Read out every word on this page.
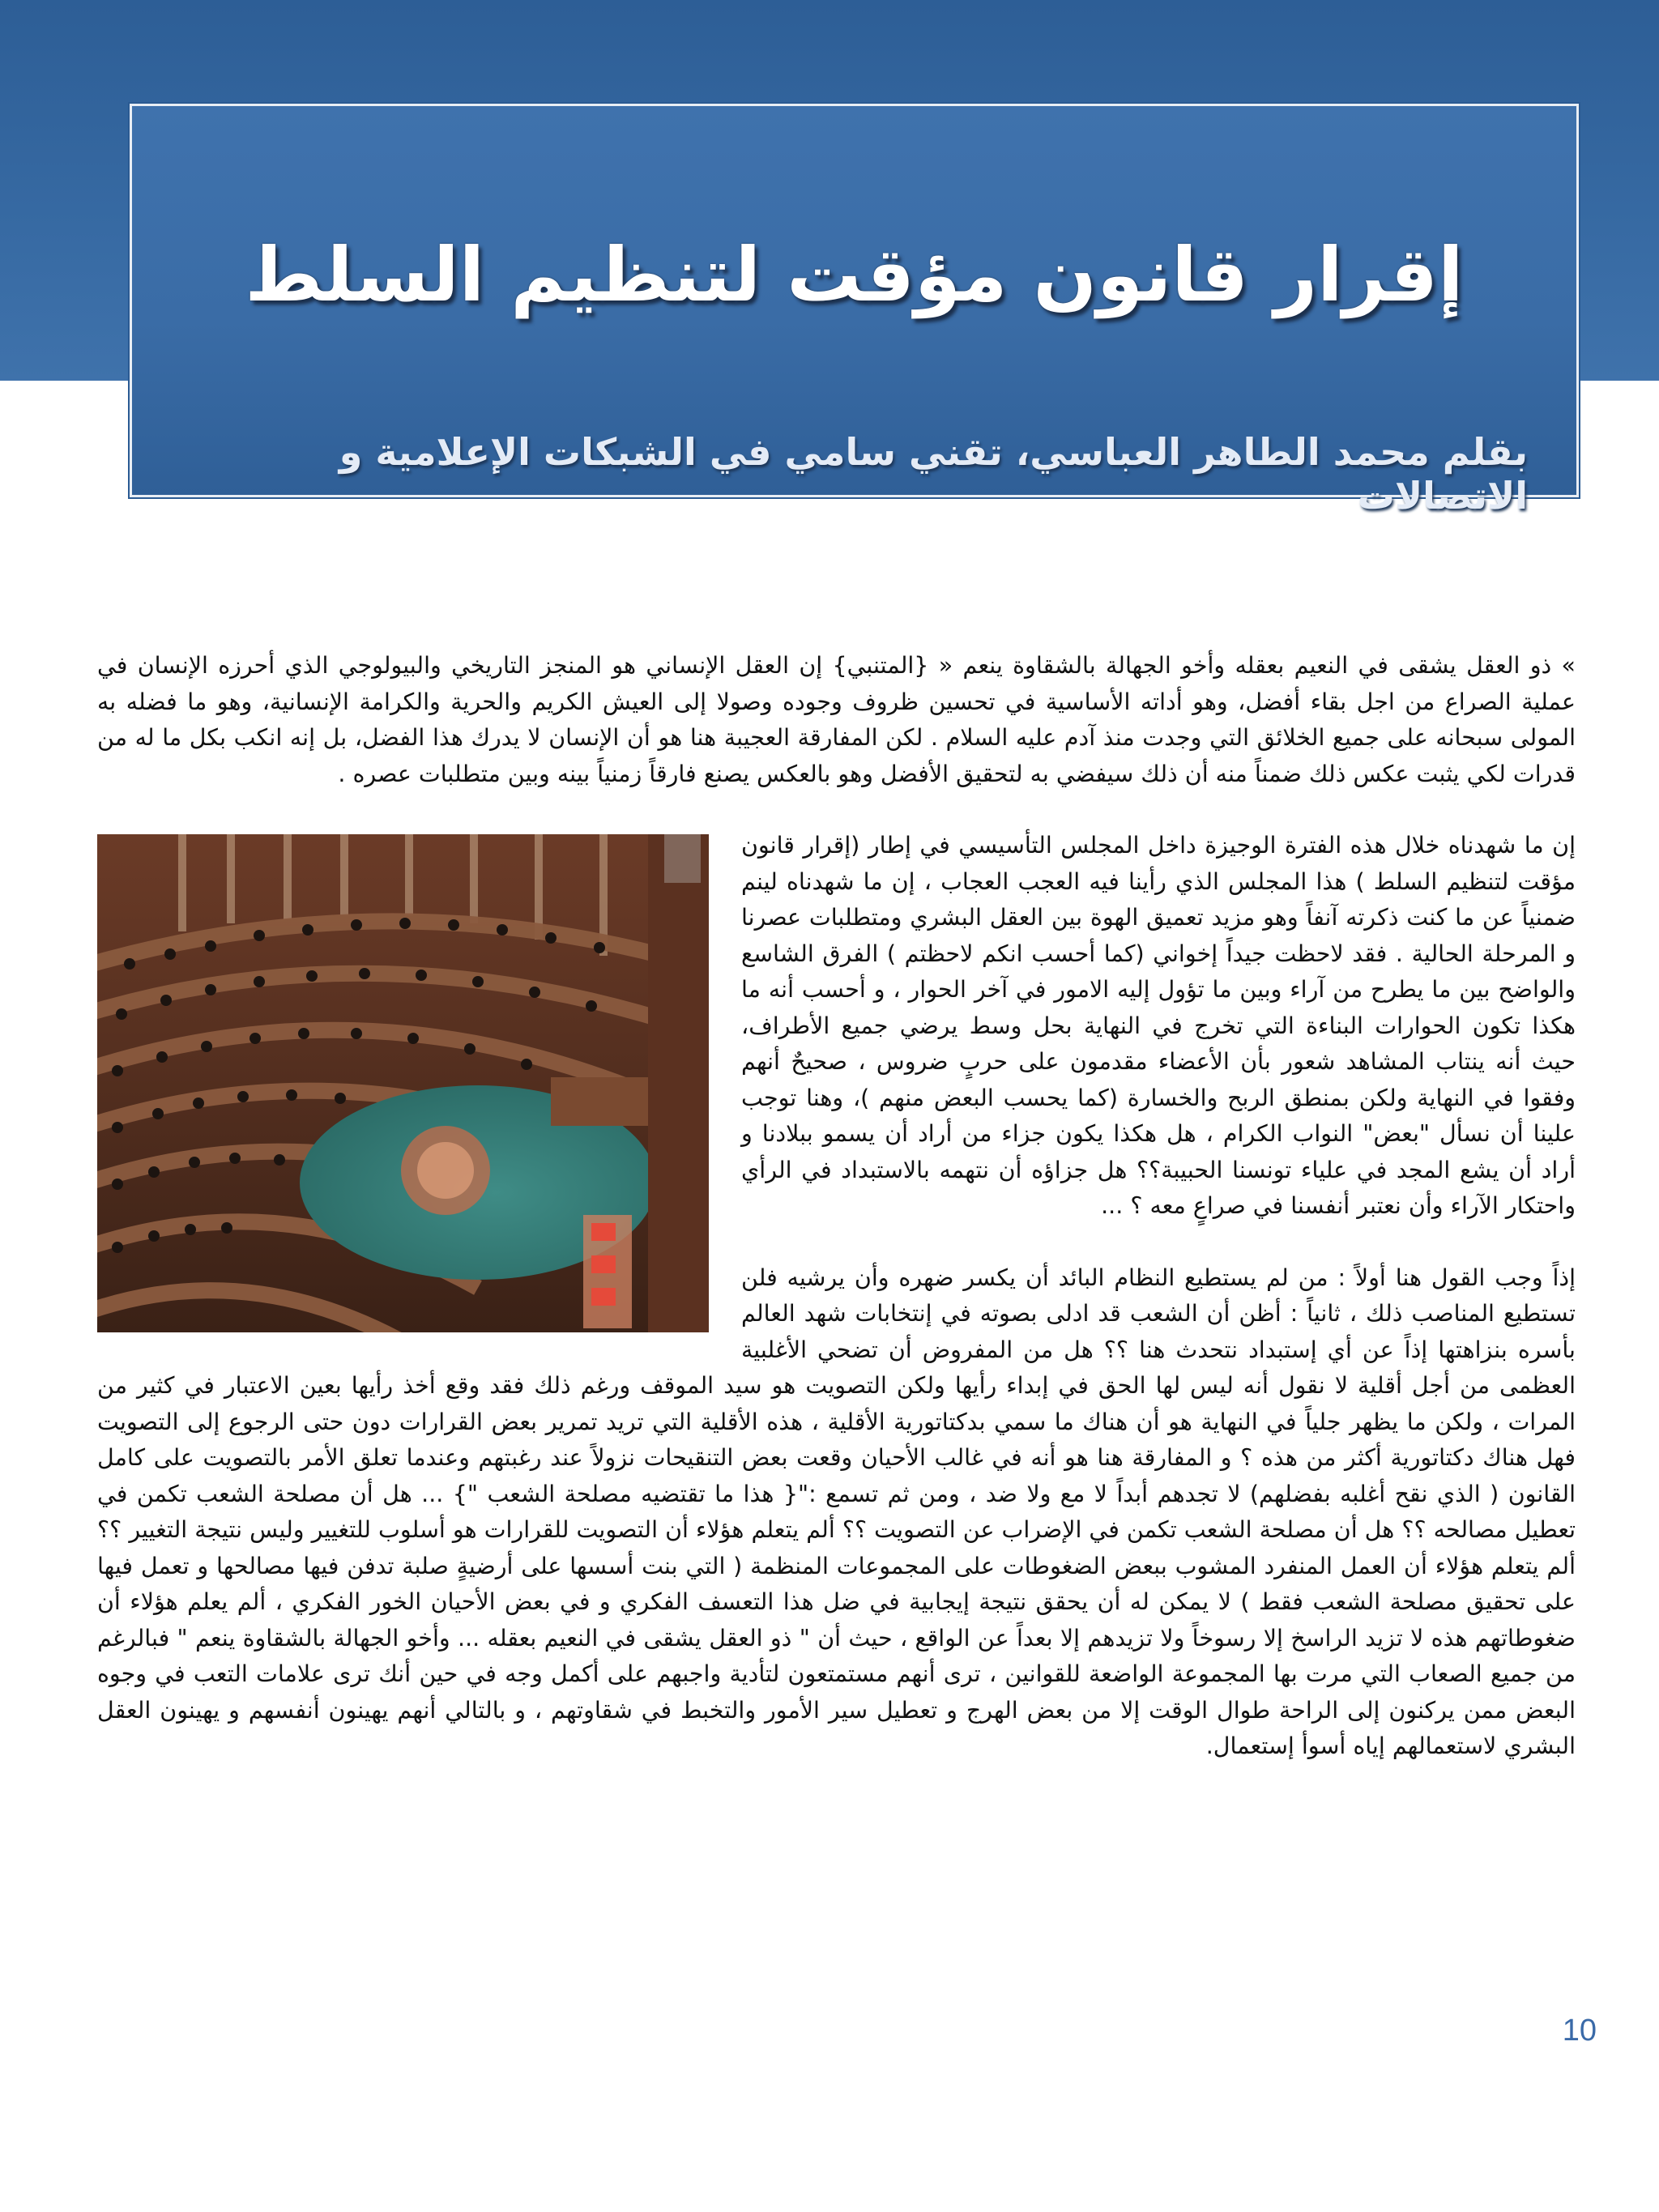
إقرار قانون مؤقت لتنظيم السلط
بقلم محمد الطاهر العباسي، تقني سامي في الشبكات الإعلامية و الاتصالات

» ذو العقل يشقى في النعيم بعقله وأخو الجهالة بالشقاوة ينعم « {المتنبي} إن العقل الإنساني هو المنجز التاريخي والبيولوجي الذي أحرزه الإنسان في عملية الصراع من اجل بقاء أفضل، وهو أداته الأساسية في تحسين ظروف وجوده وصولا إلى العيش الكريم والحرية والكرامة الإنسانية، وهو ما فضله به المولى سبحانه على جميع الخلائق التي وجدت منذ آدم عليه السلام . لكن المفارقة العجيبة هنا هو أن الإنسان لا يدرك هذا الفضل، بل إنه انكب بكل ما له من قدرات لكي يثبت عكس ذلك ضمناً منه أن ذلك سيفضي به لتحقيق الأفضل وهو بالعكس يصنع فارقاً زمنياً بينه وبين متطلبات عصره .

إن ما شهدناه خلال هذه الفترة الوجيزة داخل المجلس التأسيسي في إطار (إقرار قانون مؤقت لتنظيم السلط ) هذا المجلس الذي رأينا فيه العجب العجاب ، إن ما شهدناه لينم ضمنياً عن ما كنت ذكرته آنفاً وهو مزيد تعميق الهوة بين العقل البشري ومتطلبات عصرنا و المرحلة الحالية . فقد لاحظت جيداً إخواني (كما أحسب انكم لاحظتم ) الفرق الشاسع والواضح بين ما يطرح من آراء وبين ما تؤول إليه الامور في آخر الحوار ، و أحسب أنه ما هكذا تكون الحوارات البناءة التي تخرج في النهاية بحل وسط يرضي جميع الأطراف، حيث أنه ينتاب المشاهد شعور بأن الأعضاء مقدمون على حربٍ ضروس ، صحيحٌ أنهم وفقوا في النهاية ولكن بمنطق الربح والخسارة (كما يحسب البعض منهم )، وهنا توجب علينا أن نسأل "بعض" النواب الكرام ، هل هكذا يكون جزاء من أراد أن يسمو ببلادنا و أراد أن يشع المجد في علياء تونسنا الحبيبة؟؟ هل جزاؤه أن نتهمه بالاستبداد في الرأي واحتكار الآراء وأن نعتبر أنفسنا في صراعٍ معه ؟ ...

إذاً وجب القول هنا أولاً : من لم يستطيع النظام البائد أن يكسر ضهره وأن يرشيه فلن تستطيع المناصب ذلك ، ثانياً : أظن أن الشعب قد ادلى بصوته في إنتخابات شهد العالم بأسره بنزاهتها إذاً عن أي إستبداد نتحدث هنا ؟؟ هل من المفروض أن تضحي الأغلبية العظمى من أجل أقلية لا نقول أنه ليس لها الحق في إبداء رأيها ولكن التصويت هو سيد الموقف ورغم ذلك فقد وقع أخذ رأيها بعين الاعتبار في كثير من المرات ، ولكن ما يظهر جلياً في النهاية هو أن هناك ما سمي بدكتاتورية الأقلية ، هذه الأقلية التي تريد تمرير بعض القرارات دون حتى الرجوع إلى التصويت فهل هناك دكتاتورية أكثر من هذه ؟ و المفارقة هنا هو أنه في غالب الأحيان وقعت بعض التنقيحات نزولاً عند رغبتهم وعندما تعلق الأمر بالتصويت على كامل القانون ( الذي نقح أغلبه بفضلهم) لا تجدهم أبداً لا مع ولا ضد ، ومن ثم تسمع :"{ هذا ما تقتضيه مصلحة الشعب "} ... هل أن مصلحة الشعب تكمن في تعطيل مصالحه ؟؟ هل أن مصلحة الشعب تكمن في الإضراب عن التصويت ؟؟ ألم يتعلم هؤلاء أن التصويت للقرارات هو أسلوب للتغيير وليس نتيجة التغيير ؟؟ ألم يتعلم هؤلاء أن العمل المنفرد المشوب ببعض الضغوطات على المجموعات المنظمة ( التي بنت أسسها على أرضيةٍ صلبة تدفن فيها مصالحها و تعمل فيها على تحقيق مصلحة الشعب فقط ) لا يمكن له أن يحقق نتيجة إيجابية في ضل هذا التعسف الفكري و في بعض الأحيان الخور الفكري ، ألم يعلم هؤلاء أن ضغوطاتهم هذه لا تزيد الراسخ إلا رسوخاً ولا تزيدهم إلا بعداً عن الواقع ، حيث أن " ذو العقل يشقى في النعيم بعقله ... وأخو الجهالة بالشقاوة ينعم " فبالرغم من جميع الصعاب التي مرت بها المجموعة الواضعة للقوانين ، ترى أنهم مستمتعون لتأدية واجبهم على أكمل وجه في حين أنك ترى علامات التعب في وجوه البعض ممن يركنون إلى الراحة طوال الوقت إلا من بعض الهرج و تعطيل سير الأمور والتخبط في شقاوتهم ، و بالتالي أنهم يهينون أنفسهم و يهينون العقل البشري لاستعمالهم إياه أسوأ إستعمال.

10
